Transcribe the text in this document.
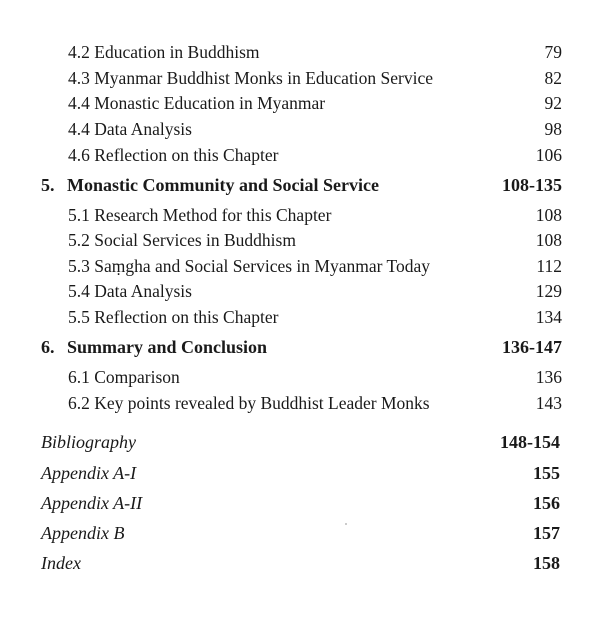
4.2 Education in Buddhism	79
4.3 Myanmar Buddhist Monks in Education Service	82
4.4 Monastic Education in Myanmar	92
4.4 Data Analysis	98
4.6 Reflection on this Chapter	106
5. Monastic Community and Social Service	108-135
5.1 Research Method for this Chapter	108
5.2 Social Services in Buddhism	108
5.3 Saṃgha and Social Services in Myanmar Today	112
5.4 Data Analysis	129
5.5 Reflection on this Chapter	134
6. Summary and Conclusion	136-147
6.1 Comparison	136
6.2 Key points revealed by Buddhist Leader Monks	143
Bibliography	148-154
Appendix A-I	155
Appendix A-II	156
Appendix B	157
Index	158
